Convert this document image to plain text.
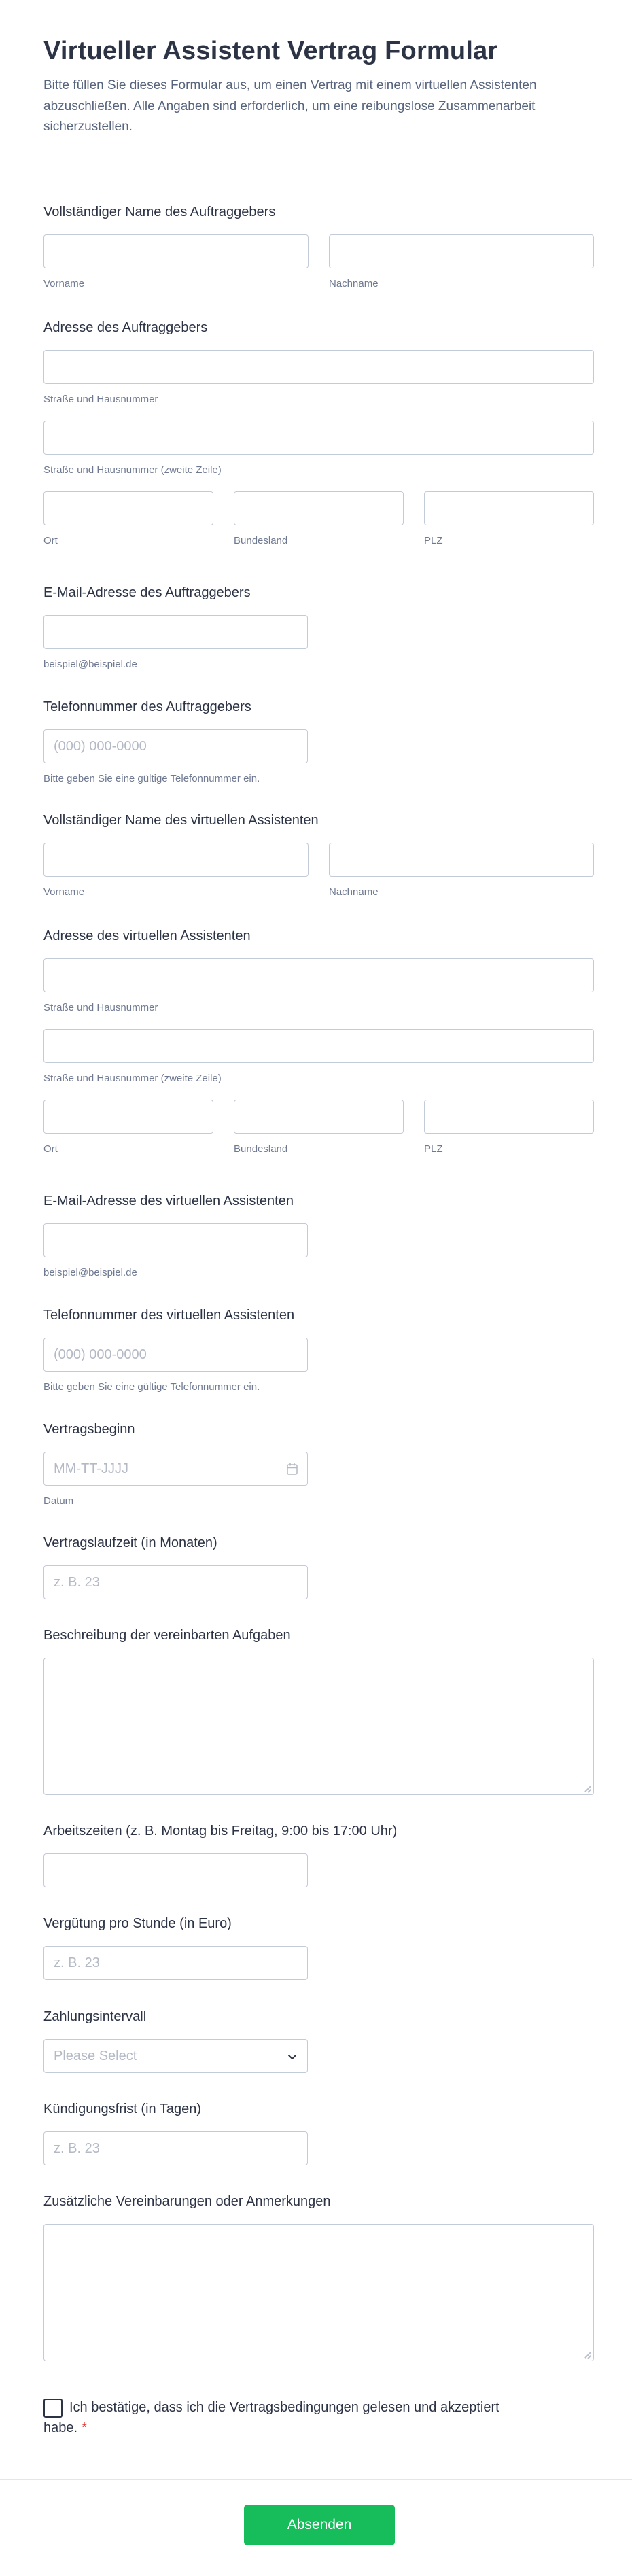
Virtueller Assistent Vertrag Formular

Bitte füllen Sie dieses Formular aus, um einen Vertrag mit einem virtuellen Assistenten abzuschließen. Alle Angaben sind erforderlich, um eine reibungslose Zusammenarbeit sicherzustellen.

Vollständiger Name des Auftraggebers
Vorname	Nachname
Adresse des Auftraggebers
Straße und Hausnummer
Straße und Hausnummer (zweite Zeile)
Ort	Bundesland	PLZ
E-Mail-Adresse des Auftraggebers
beispiel@beispiel.de
Telefonnummer des Auftraggebers
(000) 000-0000
Bitte geben Sie eine gültige Telefonnummer ein.
Vollständiger Name des virtuellen Assistenten
Vorname	Nachname
Adresse des virtuellen Assistenten
Straße und Hausnummer
Straße und Hausnummer (zweite Zeile)
Ort	Bundesland	PLZ
E-Mail-Adresse des virtuellen Assistenten
beispiel@beispiel.de
Telefonnummer des virtuellen Assistenten
(000) 000-0000
Bitte geben Sie eine gültige Telefonnummer ein.
Vertragsbeginn
MM-TT-JJJJ
Datum
Vertragslaufzeit (in Monaten)
z. B. 23
Beschreibung der vereinbarten Aufgaben
Arbeitszeiten (z. B. Montag bis Freitag, 9:00 bis 17:00 Uhr)
Vergütung pro Stunde (in Euro)
z. B. 23
Zahlungsintervall
Please Select
Kündigungsfrist (in Tagen)
z. B. 23
Zusätzliche Vereinbarungen oder Anmerkungen
Ich bestätige, dass ich die Vertragsbedingungen gelesen und akzeptiert habe. *
Absenden
